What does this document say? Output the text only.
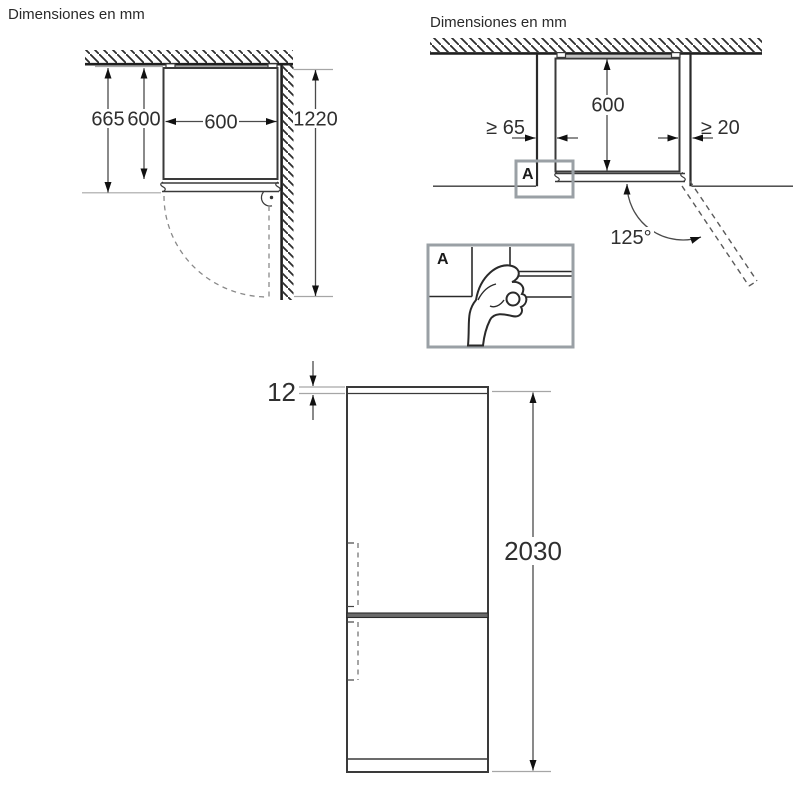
Dimensiones en mm
665 600 600	1220
Dimensiones en mm
125°
600
≥ 65	≥ 20
A
A
12
2030
